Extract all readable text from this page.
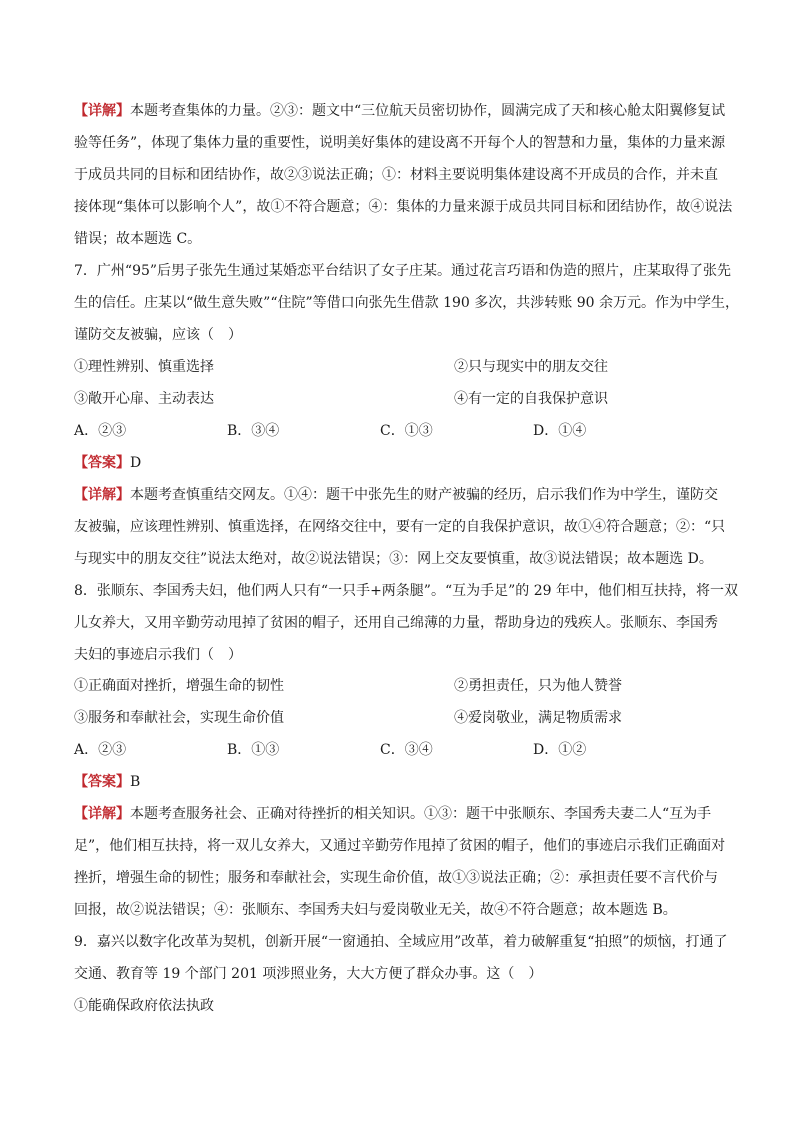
【详解】本题考查集体的力量。②③：题文中“三位航天员密切协作，圆满完成了天和核心舱太阳翼修复试
验等任务”，体现了集体力量的重要性，说明美好集体的建设离不开每个人的智慧和力量，集体的力量来源
于成员共同的目标和团结协作，故②③说法正确；①：材料主要说明集体建设离不开成员的合作，并未直
接体现“集体可以影响个人”，故①不符合题意；④：集体的力量来源于成员共同目标和团结协作，故④说法
错误；故本题选 C。
7．广州“95”后男子张先生通过某婚恋平台结识了女子庄某。通过花言巧语和伪造的照片，庄某取得了张先
生的信任。庄某以“做生意失败”“住院”等借口向张先生借款 190 多次，共涉转账 90 余万元。作为中学生，
谨防交友被骗，应该（　）
①理性辨别、慎重选择	②只与现实中的朋友交往
③敞开心扉、主动表达	④有一定的自我保护意识
A．②③	B．③④	C．①③	D．①④
【答案】D
【详解】本题考查慎重结交网友。①④：题干中张先生的财产被骗的经历，启示我们作为中学生，谨防交
友被骗，应该理性辨别、慎重选择，在网络交往中，要有一定的自我保护意识，故①④符合题意；②：“只
与现实中的朋友交往”说法太绝对，故②说法错误；③：网上交友要慎重，故③说法错误；故本题选 D。
8．张顺东、李国秀夫妇，他们两人只有“一只手+两条腿”。“互为手足”的 29 年中，他们相互扶持，将一双
儿女养大，又用辛勤劳动甩掉了贫困的帽子，还用自己绵薄的力量，帮助身边的残疾人。张顺东、李国秀
夫妇的事迹启示我们（　）
①正确面对挫折，增强生命的韧性	②勇担责任，只为他人赞誉
③服务和奉献社会，实现生命价值	④爱岗敬业，满足物质需求
A．②③	B．①③	C．③④	D．①②
【答案】B
【详解】本题考查服务社会、正确对待挫折的相关知识。①③：题干中张顺东、李国秀夫妻二人“互为手
足”，他们相互扶持，将一双儿女养大，又通过辛勤劳作甩掉了贫困的帽子，他们的事迹启示我们正确面对
挫折，增强生命的韧性；服务和奉献社会，实现生命价值，故①③说法正确；②：承担责任要不言代价与
回报，故②说法错误；④：张顺东、李国秀夫妇与爱岗敬业无关，故④不符合题意；故本题选 B。
9．嘉兴以数字化改革为契机，创新开展“一窗通拍、全域应用”改革，着力破解重复“拍照”的烦恼，打通了
交通、教育等 19 个部门 201 项涉照业务，大大方便了群众办事。这（　）
①能确保政府依法执政
